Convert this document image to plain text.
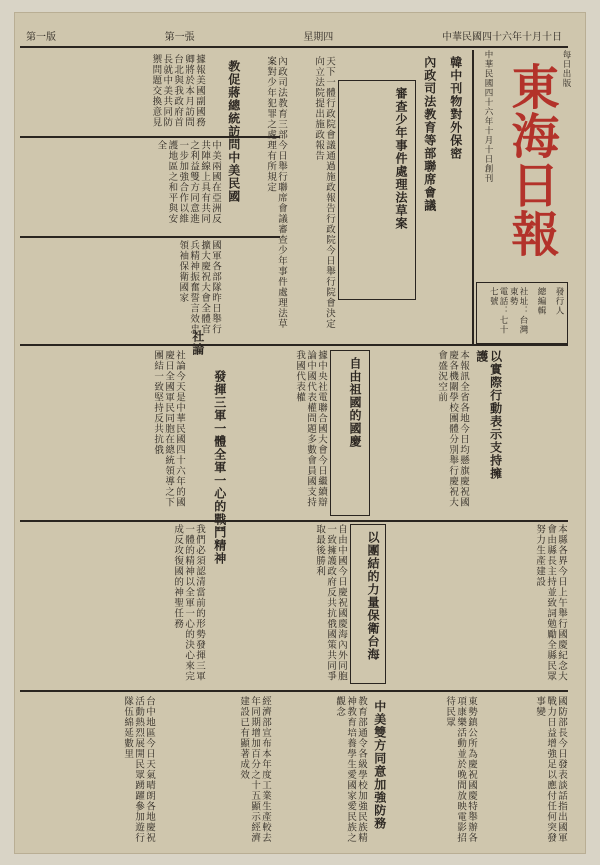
第一版	第一張	星期四	中華民國四十六年十月十日
中華民國四十六年十月十日創刊 東海日報 每日出版
發行人
總編輯
社址：台灣東勢
電話：七十七號
韓中刊物對外保密
內政司法教育等部聯席會議
審查少年事件處理法草案
天下一體行政院會議通過施政報告行政院今日舉行院會決定向立法院提出施政報告
據報美國副國務卿將於本月訪問台北與我政府首長就中美共同防禦問題交換意見	教促蔣總統訪問中美民國	內政司法教育三部今日舉行聯席會議審查少年事件處理法草案對少年犯罪之處理有所規定
中美兩國在亞洲反共陣線上具有共同之利益雙方同意進一步加強合作以維護地區之和平與安全
國軍各部隊昨日舉行擴大慶祝大會全體官兵精神振奮誓言效忠領袖保衛國家
本報訊全省各地今日均懸旗慶祝國慶各機關學校團體分別舉行慶祝大會盛況空前
自由祖國的國慶
據中央社電聯合國大會今日繼續辯論中國代表權問題多數會員國支持我國代表權
發揮三軍一體全軍一心的戰鬥精神
社論
社論今天是中華民國四十六年的國慶日全國軍民同胞在總統領導之下團結一致堅持反共抗俄
我們必須認清當前的形勢發揮三軍一體的精神以全軍一心的決心來完成反攻復國的神聖任務
以實際行動表示支持擁護
自由中國今日慶祝國慶海內外同胞一致擁護政府反共抗俄國策共同爭取最後勝利	以團結的力量保衛台海	本縣各界今日上午舉行國慶紀念大會由縣長主持並致詞勉勵全縣民眾努力生產建設
台中地區今日天氣晴朗各地慶祝活動熱烈展開民眾踴躍參加遊行隊伍綿延數里	經濟部宣布本年度工業生產較去年同期增加百分之十五顯示經濟建設已有顯著成效	教育部通令各級學校加強民族精神教育培養學生愛國家愛民族之觀念	中美雙方同意加強防務	東勢鎮公所為慶祝國慶特舉辦各項康樂活動並於晚間放映電影招待民眾	國防部長今日發表談話指出國軍戰力日益增強足以應付任何突發事變
